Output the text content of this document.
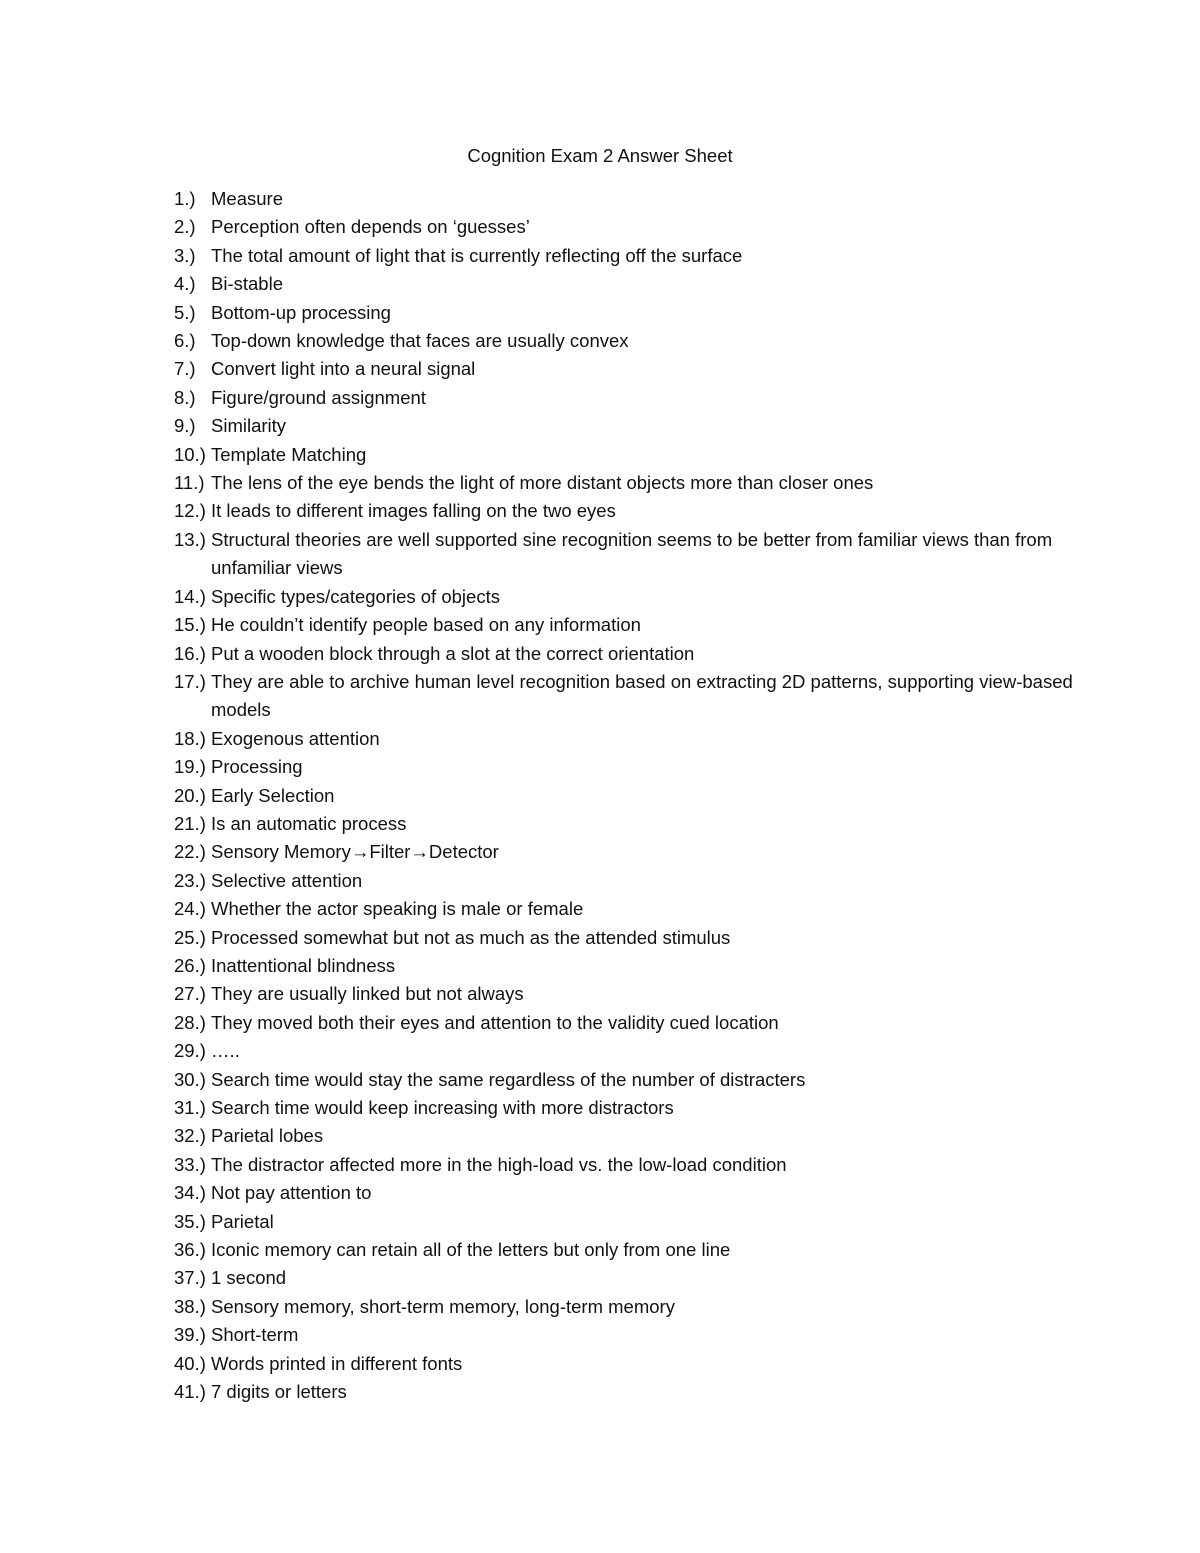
Cognition Exam 2 Answer Sheet
1.) Measure
2.) Perception often depends on ‘guesses’
3.) The total amount of light that is currently reflecting off the surface
4.) Bi-stable
5.) Bottom-up processing
6.) Top-down knowledge that faces are usually convex
7.) Convert light into a neural signal
8.) Figure/ground assignment
9.) Similarity
10.) Template Matching
11.) The lens of the eye bends the light of more distant objects more than closer ones
12.) It leads to different images falling on the two eyes
13.) Structural theories are well supported sine recognition seems to be better from familiar views than from unfamiliar views
14.) Specific types/categories of objects
15.) He couldn’t identify people based on any information
16.) Put a wooden block through a slot at the correct orientation
17.) They are able to archive human level recognition based on extracting 2D patterns, supporting view-based models
18.) Exogenous attention
19.) Processing
20.) Early Selection
21.) Is an automatic process
22.) Sensory Memory→Filter→Detector
23.) Selective attention
24.) Whether the actor speaking is male or female
25.) Processed somewhat but not as much as the attended stimulus
26.) Inattentional blindness
27.) They are usually linked but not always
28.) They moved both their eyes and attention to the validity cued location
29.) …..
30.) Search time would stay the same regardless of the number of distracters
31.) Search time would keep increasing with more distractors
32.) Parietal lobes
33.) The distractor affected more in the high-load vs. the low-load condition
34.) Not pay attention to
35.) Parietal
36.) Iconic memory can retain all of the letters but only from one line
37.) 1 second
38.) Sensory memory, short-term memory, long-term memory
39.) Short-term
40.) Words printed in different fonts
41.) 7 digits or letters
